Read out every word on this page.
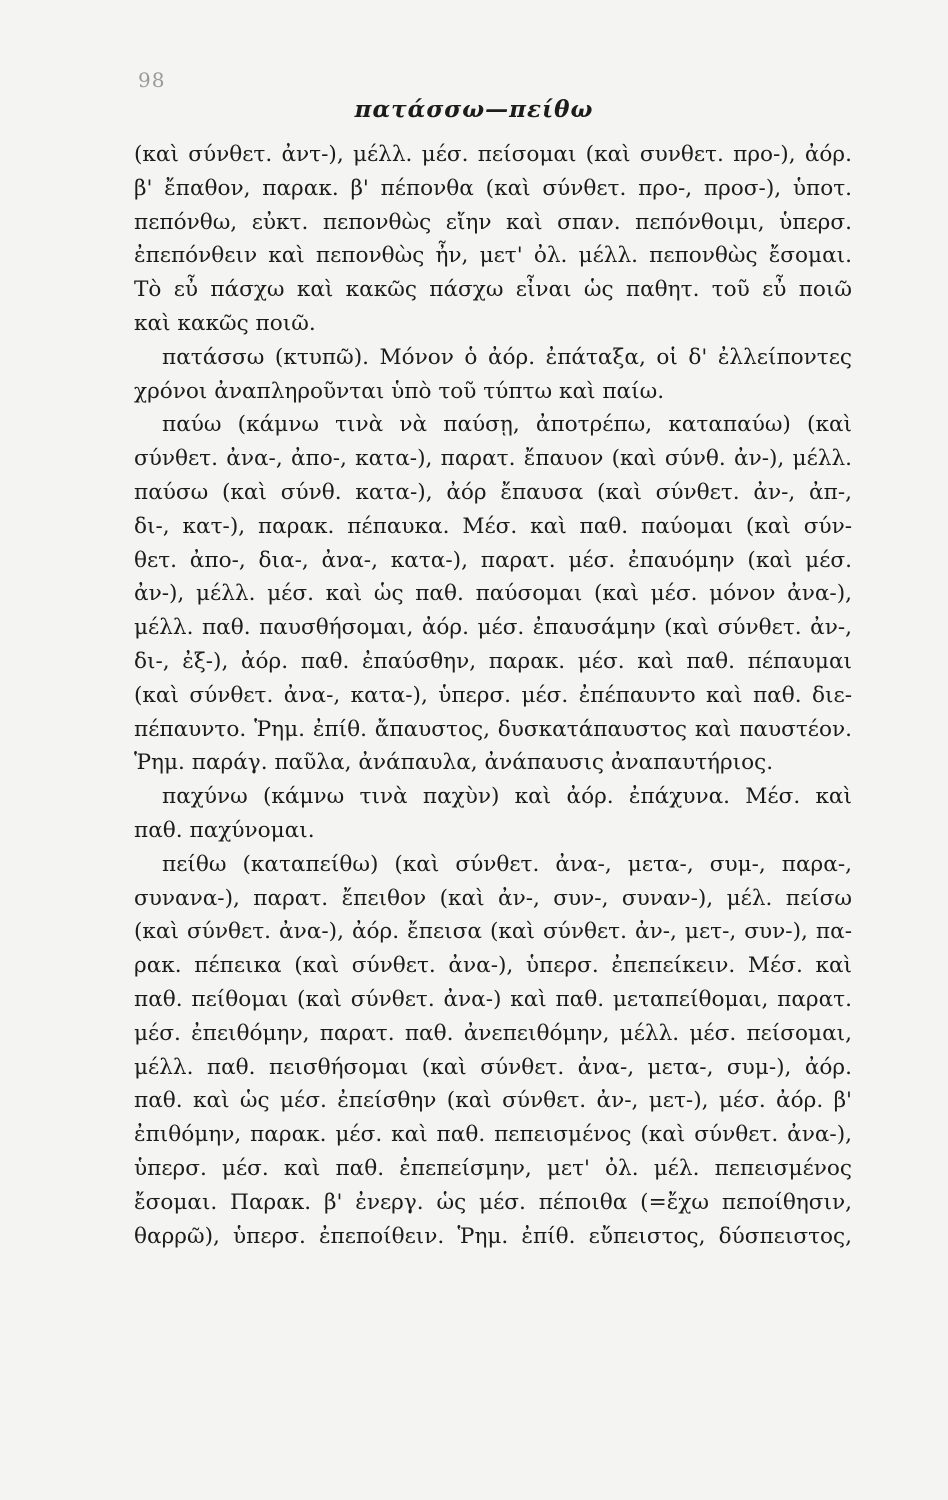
98
πατάσσω—πείθω
(καὶ σύνθετ. ἀντ-), μέλλ. μέσ. πείσομαι (καὶ συνθετ. προ-), ἀόρ.
β' ἔπαθον, παρακ. β' πέπονθα (καὶ σύνθετ. προ-, προσ-), ὑποτ.
πεπόνθω, εὐκτ. πεπονθὼς εἴην καὶ σπαν. πεπόνθοιμι, ὑπερσ.
ἐπεπόνθειν καὶ πεπονθὼς ἦν, μετ' ὀλ. μέλλ. πεπονθὼς ἔσομαι.
Τὸ εὖ πάσχω καὶ κακῶς πάσχω εἶναι ὡς παθητ. τοῦ εὖ ποιῶ
καὶ κακῶς ποιῶ.
πατάσσω (κτυπῶ). Μόνον ὁ ἀόρ. ἐπάταξα, οἱ δ' ἐλλείποντες
χρόνοι ἀναπληροῦνται ὑπὸ τοῦ τύπτω καὶ παίω.
παύω (κάμνω τινὰ νὰ παύσῃ, ἀποτρέπω, καταπαύω) (καὶ
σύνθετ. ἀνα-, ἀπο-, κατα-), παρατ. ἔπαυον (καὶ σύνθ. ἀν-), μέλλ.
παύσω (καὶ σύνθ. κατα-), ἀόρ ἔπαυσα (καὶ σύνθετ. ἀν-, ἀπ-,
δι-, κατ-), παρακ. πέπαυκα. Μέσ. καὶ παθ. παύομαι (καὶ σύν-
θετ. ἀπο-, δια-, ἀνα-, κατα-), παρατ. μέσ. ἐπαυόμην (καὶ μέσ.
ἀν-), μέλλ. μέσ. καὶ ὡς παθ. παύσομαι (καὶ μέσ. μόνον ἀνα-),
μέλλ. παθ. παυσθήσομαι, ἀόρ. μέσ. ἐπαυσάμην (καὶ σύνθετ. ἀν-,
δι-, ἐξ-), ἀόρ. παθ. ἐπαύσθην, παρακ. μέσ. καὶ παθ. πέπαυμαι
(καὶ σύνθετ. ἀνα-, κατα-), ὑπερσ. μέσ. ἐπέπαυντο καὶ παθ. διε-
πέπαυντο. Ῥημ. ἐπίθ. ἄπαυστος, δυσκατάπαυστος καὶ παυστέον.
Ῥημ. παράγ. παῦλα, ἀνάπαυλα, ἀνάπαυσις ἀναπαυτήριος.
παχύνω (κάμνω τινὰ παχὺν) καὶ ἀόρ. ἐπάχυνα. Μέσ. καὶ
παθ. παχύνομαι.
πείθω (καταπείθω) (καὶ σύνθετ. ἀνα-, μετα-, συμ-, παρα-,
συνανα-), παρατ. ἔπειθον (καὶ ἀν-, συν-, συναν-), μέλ. πείσω
(καὶ σύνθετ. ἀνα-), ἀόρ. ἔπεισα (καὶ σύνθετ. ἀν-, μετ-, συν-), πα-
ρακ. πέπεικα (καὶ σύνθετ. ἀνα-), ὑπερσ. ἐπεπείκειν. Μέσ. καὶ
παθ. πείθομαι (καὶ σύνθετ. ἀνα-) καὶ παθ. μεταπείθομαι, παρατ.
μέσ. ἐπειθόμην, παρατ. παθ. ἀνεπειθόμην, μέλλ. μέσ. πείσομαι,
μέλλ. παθ. πεισθήσομαι (καὶ σύνθετ. ἀνα-, μετα-, συμ-), ἀόρ.
παθ. καὶ ὡς μέσ. ἐπείσθην (καὶ σύνθετ. ἀν-, μετ-), μέσ. ἀόρ. β'
ἐπιθόμην, παρακ. μέσ. καὶ παθ. πεπεισμένος (καὶ σύνθετ. ἀνα-),
ὑπερσ. μέσ. καὶ παθ. ἐπεπείσμην, μετ' ὀλ. μέλ. πεπεισμένος
ἔσομαι. Παρακ. β' ἐνεργ. ὡς μέσ. πέποιθα (=ἔχω πεποίθησιν,
θαρρῶ), ὑπερσ. ἐπεποίθειν. Ῥημ. ἐπίθ. εὔπειστος, δύσπειστος,
